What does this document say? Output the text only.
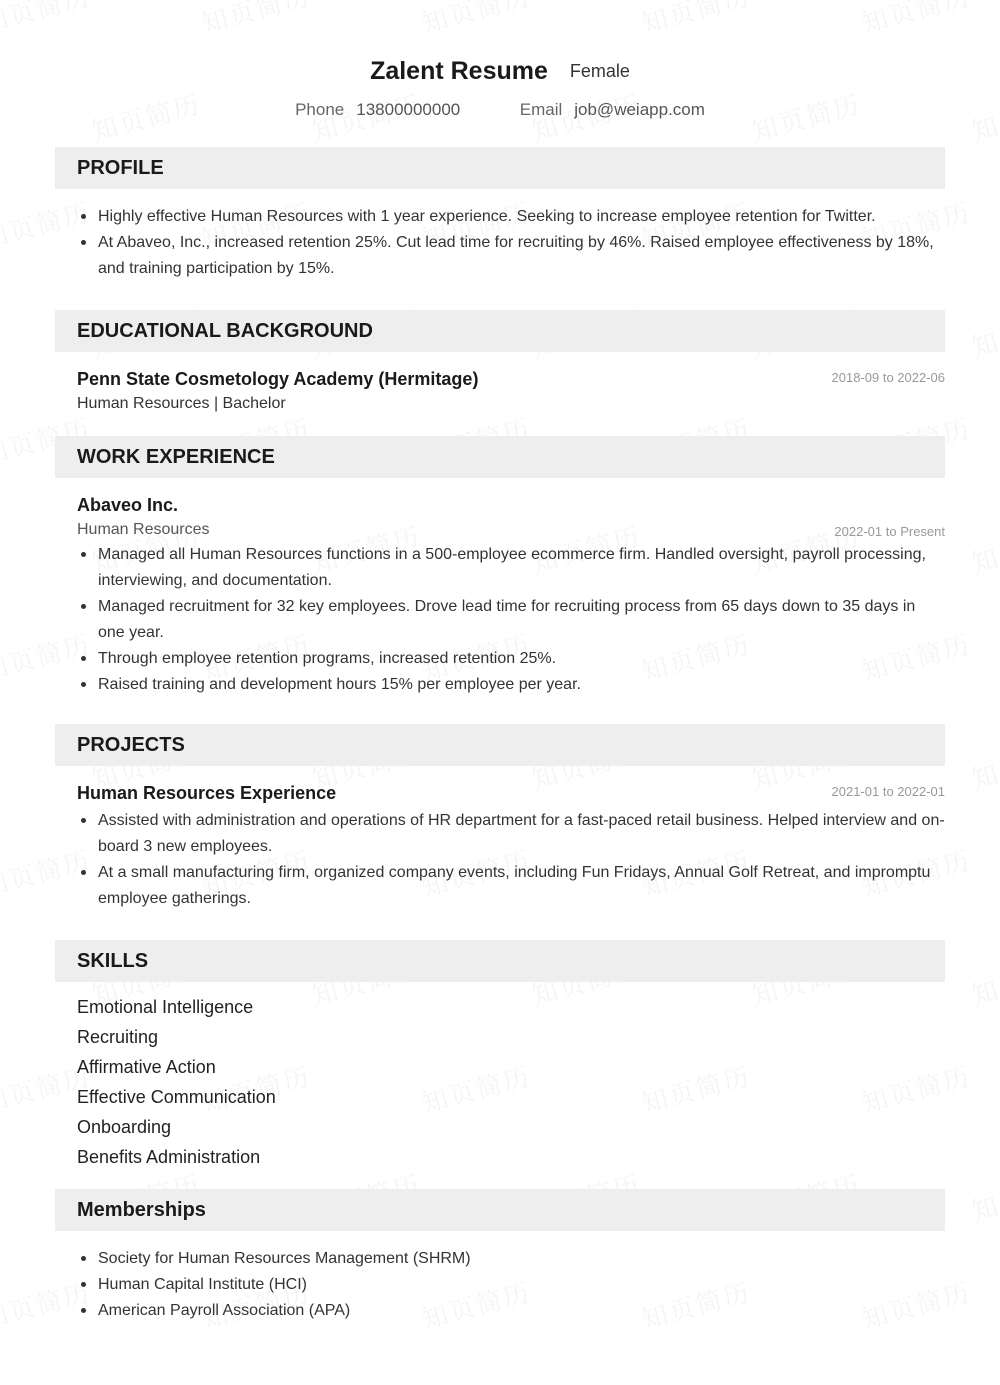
Zalent Resume Female
Phone 13800000000	Email job@weiapp.com
PROFILE
Highly effective Human Resources with 1 year experience. Seeking to increase employee retention for Twitter.
At Abaveo, Inc., increased retention 25%. Cut lead time for recruiting by 46%. Raised employee effectiveness by 18%, and training participation by 15%.
EDUCATIONAL BACKGROUND
Penn State Cosmetology Academy (Hermitage)	2018-09 to 2022-06
Human Resources | Bachelor
WORK EXPERIENCE
Abaveo Inc.
Human Resources	2022-01 to Present
Managed all Human Resources functions in a 500-employee ecommerce firm. Handled oversight, payroll processing, interviewing, and documentation.
Managed recruitment for 32 key employees. Drove lead time for recruiting process from 65 days down to 35 days in one year.
Through employee retention programs, increased retention 25%.
Raised training and development hours 15% per employee per year.
PROJECTS
Human Resources Experience	2021-01 to 2022-01
Assisted with administration and operations of HR department for a fast-paced retail business. Helped interview and on-board 3 new employees.
At a small manufacturing firm, organized company events, including Fun Fridays, Annual Golf Retreat, and impromptu employee gatherings.
SKILLS
Emotional Intelligence
Recruiting
Affirmative Action
Effective Communication
Onboarding
Benefits Administration
Memberships
Society for Human Resources Management (SHRM)
Human Capital Institute (HCI)
American Payroll Association (APA)
